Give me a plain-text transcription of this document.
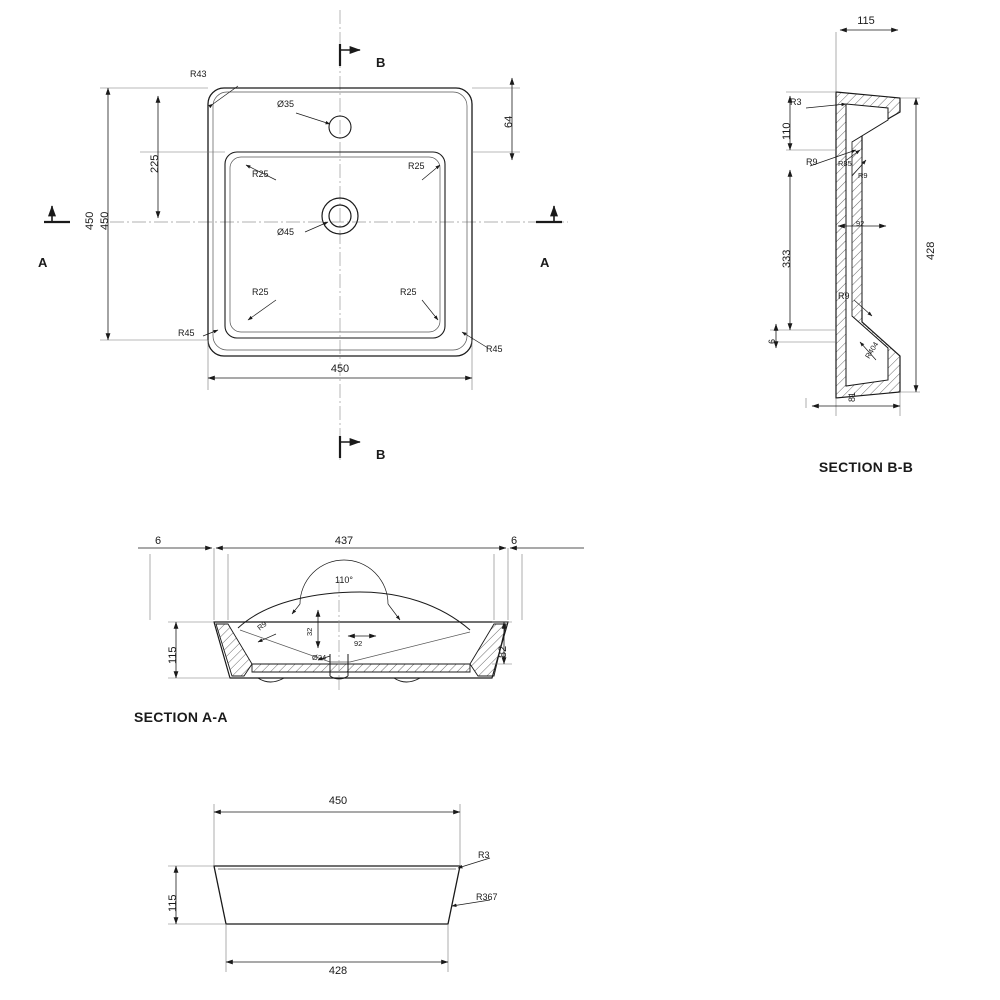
450
225
450
64
Ø35
Ø45
R43
R45
R45
R25
R25
R25	R25
450
A	A
B
B
115
110
333	428
6
81
92
R3
R9
R9
R9
R85
R404
SECTION B-B
6	437	6
115	82
110°
32
92
Ø24
R9
SECTION A-A
450
115
428
R3
R367
